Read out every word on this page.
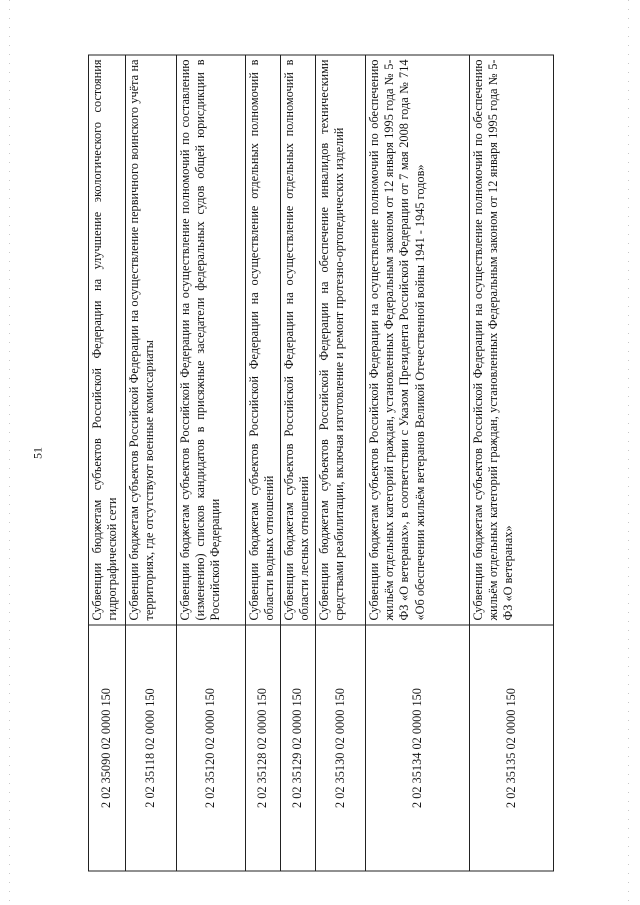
51
2 02 35090 02 0000 150	Субвенции бюджетам субъектов Российской Федерации на улучшение экологического состояния гидрографической сети
2 02 35118 02 0000 150	Субвенции бюджетам субъектов Российской Федерации на осуществление первичного воинского учёта на территориях, где отсутствуют военные комиссариаты
2 02 35120 02 0000 150	Субвенции бюджетам субъектов Российской Федерации на осуществление полномочий по составлению (изменению) списков кандидатов в присяжные заседатели федеральных судов общей юрисдикции в Российской Федерации
2 02 35128 02 0000 150	Субвенции бюджетам субъектов Российской Федерации на осуществление отдельных полномочий в области водных отношений
2 02 35129 02 0000 150	Субвенции бюджетам субъектов Российской Федерации на осуществление отдельных полномочий в области лесных отношений
2 02 35130 02 0000 150	Субвенции бюджетам субъектов Российской Федерации на обеспечение инвалидов техническими средствами реабилитации, включая изготовление и ремонт протезно-ортопедических изделий
2 02 35134 02 0000 150	Субвенции бюджетам субъектов Российской Федерации на осуществление полномочий по обеспечению жильём отдельных категорий граждан, установленных Федеральным законом от 12 января 1995 года № 5-ФЗ «О ветеранах», в соответствии с Указом Президента Российской Федерации от 7 мая 2008 года № 714 «Об обеспечении жильём ветеранов Великой Отечественной войны 1941 - 1945 годов»
2 02 35135 02 0000 150	Субвенции бюджетам субъектов Российской Федерации на осуществление полномочий по обеспечению жильём отдельных категорий граждан, установленных Федеральным законом от 12 января 1995 года № 5-ФЗ «О ветеранах»
